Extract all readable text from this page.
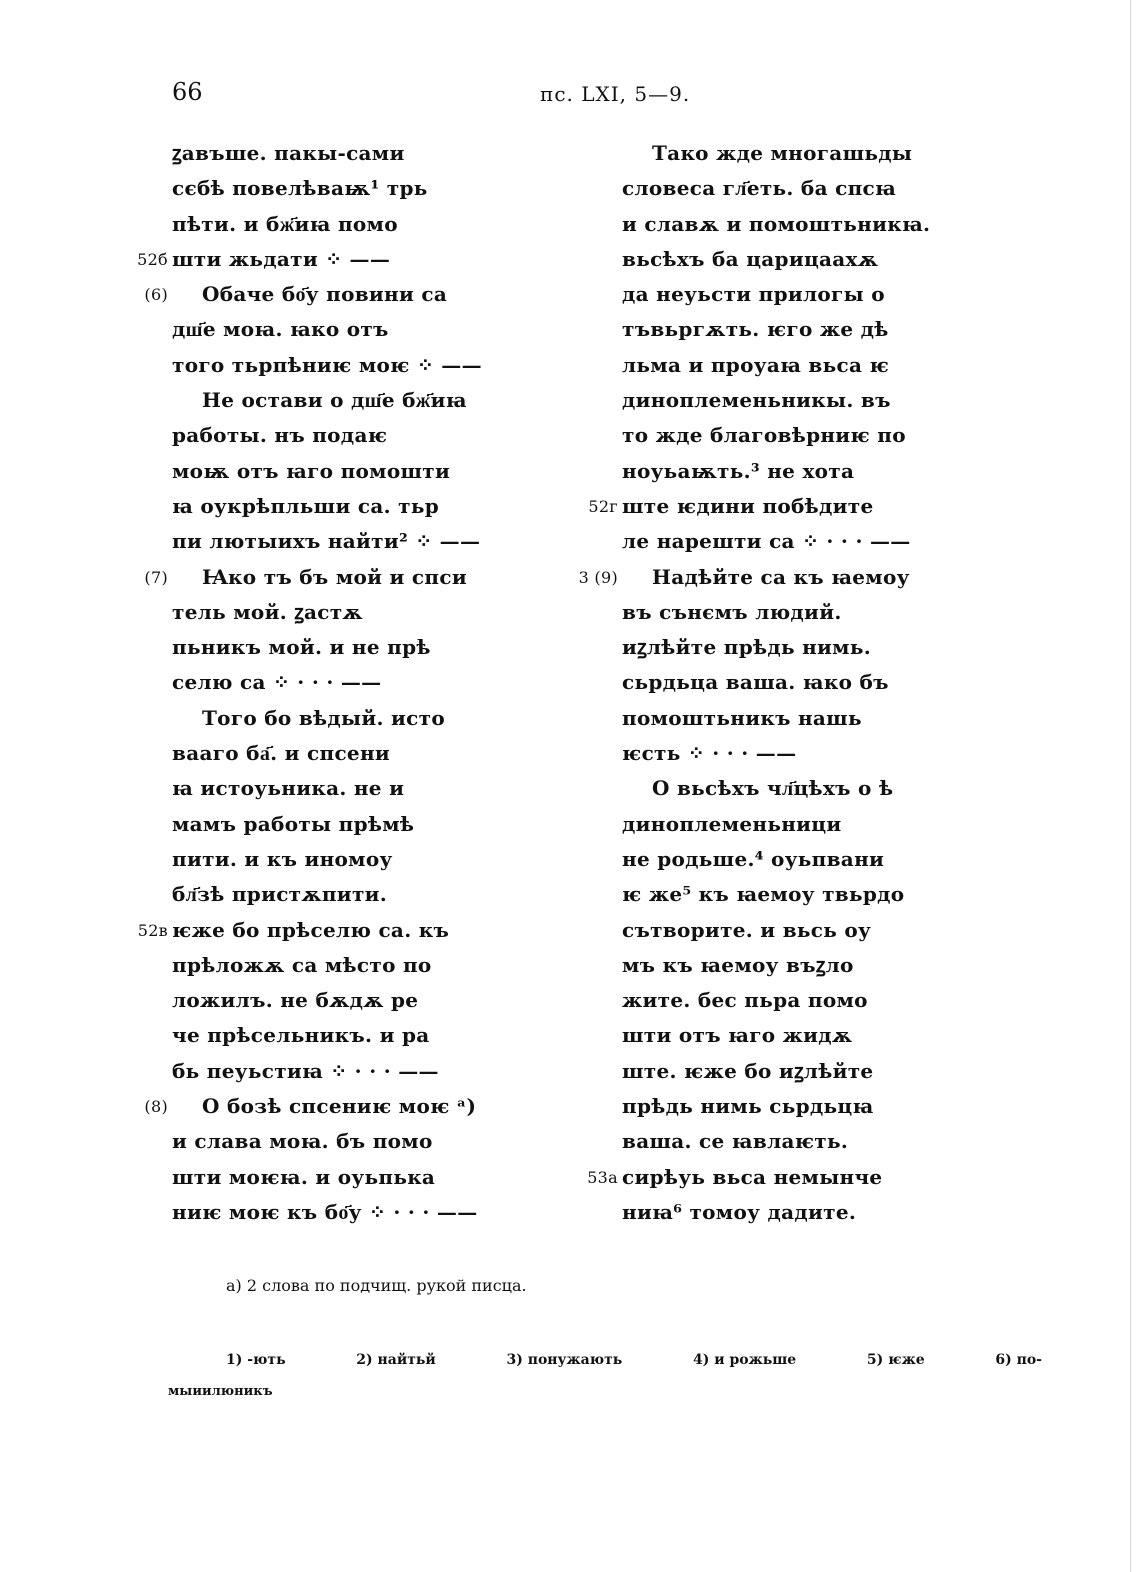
66	пс. LXI, 5—9.
ꙁавъше. пакы-сами
сєбѣ повелѣваѭ¹ трь
пѣти. и бж҃иꙗ помо
52б шти жьдати ⁘ ——
(6) Обаче бо҃у повини са
дш҃е моꙗ. ꙗко отъ
того тьрпѣниѥ моѥ ⁘ ——
Не остави о дш҃е бж҃иꙗ
работы. нъ подаѥ
моѭ отъ ꙗго помошти
ꙗ оукрѣпльши са. тьр
пи лютыихъ найти² ⁘ ——
(7) Ꙗко тъ бъ мой и спси
тель мой. ꙁастѫ
пьникъ мой. и не прѣ
селю са ⁘ · · · ——
Того бо вѣдый. исто
вааго ба҃. и спсени
ꙗ истоуьника. не и
мамъ работы прѣмѣ
пити. и къ иномоу
бл҃зѣ пристѫпити.
52в ѥже бо прѣселю са. къ
прѣложѫ са мѣсто по
ложилъ. не бѫдѫ ре
че прѣсельникъ. и ра
бь пеуьстиꙗ ⁘ · · · ——
(8) О бозѣ спсениѥ моѥ ᵃ)
и слава моꙗ. бъ помо
шти моѥꙗ. и оуьпька
ниѥ моѥ къ бо҃у ⁘ · · · ——
Тако жде многашьды
словеса гл҃еть. ба спсꙗ
и славѫ и помоштьникꙗ.
вьсѣхъ ба царицаахѫ
да неуьсти прилогы о
тъвьргѫть. ѥго же дѣ
льма и проуаꙗ вьса ѥ
диноплеменьникы. въ
то жде благовѣрниѥ по
ноуьаѭть.³ не хота
52г ште ѥдини побѣдите
ле нарешти са ⁘ · · · ——
3 (9) Надѣйте са къ ꙗемоу
въ сънємъ людий.
иꙁлѣйте прѣдь нимь.
сьрдьца ваша. ꙗко бъ
помоштьникъ нашь
ѥсть ⁘ · · · ——
О вьсѣхъ чл҃цѣхъ о ѣ
диноплеменьници
не родьше.⁴ оуьпвани
ѥ же⁵ къ ꙗемоу твьрдо
сътворите. и вьсь оу
мъ къ ꙗемоу въꙁло
жите. бес пьра помо
шти отъ ꙗго жидѫ
ште. ѥже бо иꙁлѣйте
прѣдь нимь сьрдьцꙗ
ваша. се ꙗвлаѥть.
53а сирѣуь вьса немынче
ниꙗ⁶ томоу дадите.
а) 2 слова по подчищ. рукой писца.
1) -ють	2) найтьй	3) понужають	4) и рожьше	5) ѥжe	6) по-
мыиилюникъ
